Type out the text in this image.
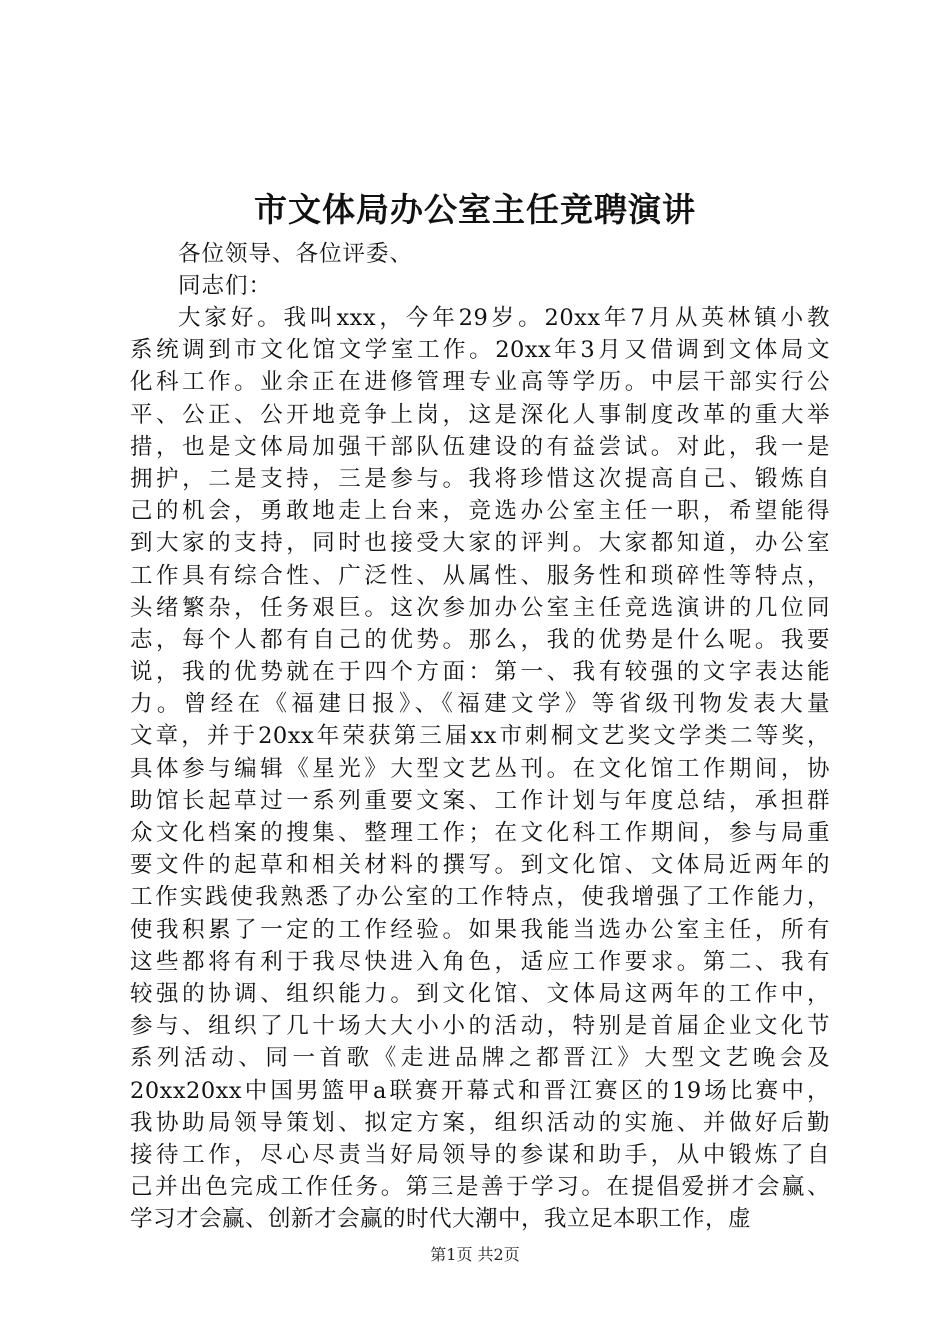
市文体局办公室主任竞聘演讲

各位领导、各位评委、

同志们：

大家好。我叫xxx，今年29岁。20xx年7月从英林镇小教
系统调到市文化馆文学室工作。20xx年3月又借调到文体局文
化科工作。业余正在进修管理专业高等学历。中层干部实行公
平、公正、公开地竞争上岗，这是深化人事制度改革的重大举
措，也是文体局加强干部队伍建设的有益尝试。对此，我一是
拥护，二是支持，三是参与。我将珍惜这次提高自己、锻炼自
己的机会，勇敢地走上台来，竞选办公室主任一职，希望能得
到大家的支持，同时也接受大家的评判。大家都知道，办公室
工作具有综合性、广泛性、从属性、服务性和琐碎性等特点，
头绪繁杂，任务艰巨。这次参加办公室主任竞选演讲的几位同
志，每个人都有自己的优势。那么，我的优势是什么呢。我要
说，我的优势就在于四个方面：第一、我有较强的文字表达能
力。曾经在《福建日报》、《福建文学》等省级刊物发表大量
文章，并于20xx年荣获第三届xx市刺桐文艺奖文学类二等奖，
具体参与编辑《星光》大型文艺丛刊。在文化馆工作期间，协
助馆长起草过一系列重要文案、工作计划与年度总结，承担群
众文化档案的搜集、整理工作；在文化科工作期间，参与局重
要文件的起草和相关材料的撰写。到文化馆、文体局近两年的
工作实践使我熟悉了办公室的工作特点，使我增强了工作能力，
使我积累了一定的工作经验。如果我能当选办公室主任，所有
这些都将有利于我尽快进入角色，适应工作要求。第二、我有
较强的协调、组织能力。到文化馆、文体局这两年的工作中，
参与、组织了几十场大大小小的活动，特别是首届企业文化节
系列活动、同一首歌《走进品牌之都晋江》大型文艺晚会及
20xx20xx中国男篮甲a联赛开幕式和晋江赛区的19场比赛中，
我协助局领导策划、拟定方案，组织活动的实施、并做好后勤
接待工作，尽心尽责当好局领导的参谋和助手，从中锻炼了自
己并出色完成工作任务。第三是善于学习。在提倡爱拼才会赢、
学习才会赢、创新才会赢的时代大潮中，我立足本职工作，虚

第1页 共2页
